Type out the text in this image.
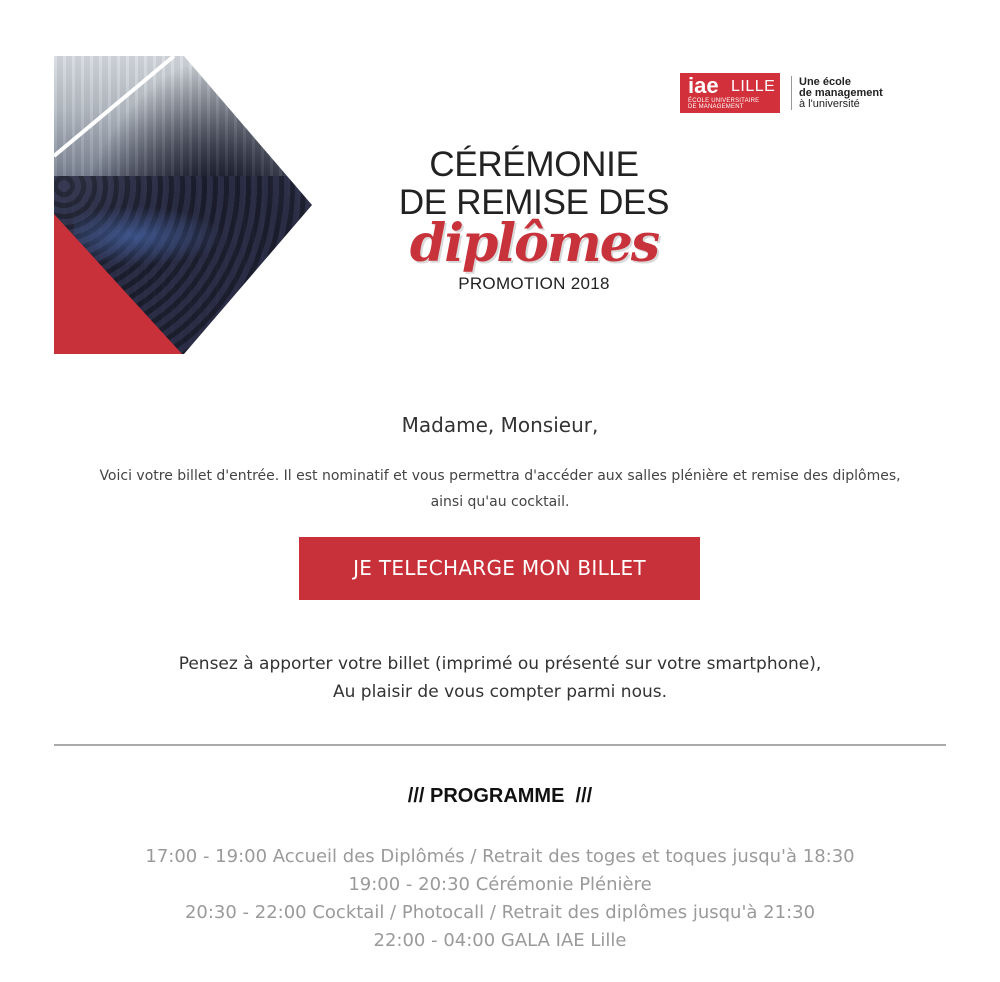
CÉRÉMONIE
DE REMISE DES
diplômes
PROMOTION 2018
iae LILLE
ÉCOLE UNIVERSITAIRE
DE MANAGEMENT
Une école
de management
à l'université
Madame, Monsieur,
Voici votre billet d'entrée. Il est nominatif et vous permettra d'accéder aux salles plénière et remise des diplômes,
ainsi qu'au cocktail.
JE TELECHARGE MON BILLET
Pensez à apporter votre billet (imprimé ou présenté sur votre smartphone),
Au plaisir de vous compter parmi nous.
/// PROGRAMME  ///
17:00 - 19:00 Accueil des Diplômés / Retrait des toges et toques jusqu'à 18:30
19:00 - 20:30 Cérémonie Plénière
20:30 - 22:00 Cocktail / Photocall / Retrait des diplômes jusqu'à 21:30
22:00 - 04:00 GALA IAE Lille
